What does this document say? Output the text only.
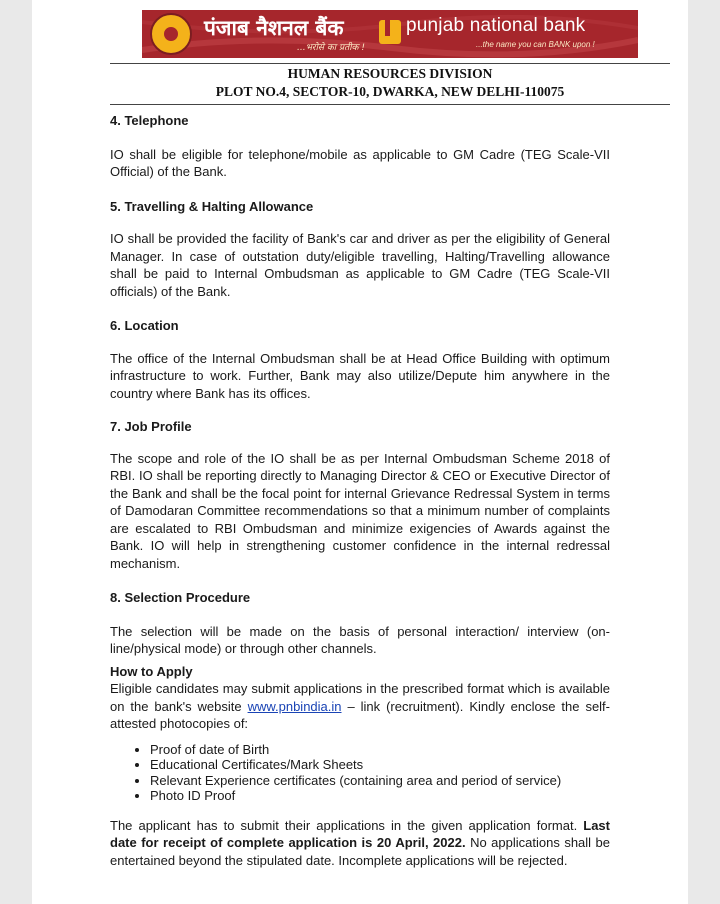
पंजाब नैशनल बैंक
...भरोसे का प्रतीक !
punjab national bank
...the name you can BANK upon !
HUMAN RESOURCES DIVISION
PLOT NO.4, SECTOR-10, DWARKA, NEW DELHI-110075
4. Telephone

IO shall be eligible for telephone/mobile as applicable to GM Cadre (TEG Scale-VII Official) of the Bank.

5. Travelling & Halting Allowance

IO shall be provided the facility of Bank's car and driver as per the eligibility of General Manager. In case of outstation duty/eligible travelling, Halting/Travelling allowance shall be paid to Internal Ombudsman as applicable to GM Cadre (TEG Scale-VII officials) of the Bank.

6. Location

The office of the Internal Ombudsman shall be at Head Office Building with optimum infrastructure to work. Further, Bank may also utilize/Depute him anywhere in the country where Bank has its offices.

7. Job Profile

The scope and role of the IO shall be as per Internal Ombudsman Scheme 2018 of RBI. IO shall be reporting directly to Managing Director & CEO or Executive Director of the Bank and shall be the focal point for internal Grievance Redressal System in terms of Damodaran Committee recommendations so that a minimum number of complaints are escalated to RBI Ombudsman and minimize exigencies of Awards against the Bank. IO will help in strengthening customer confidence in the internal redressal mechanism.

8. Selection Procedure

The selection will be made on the basis of personal interaction/ interview (on-line/physical mode) or through other channels.

How to Apply

Eligible candidates may submit applications in the prescribed format which is available on the bank's website www.pnbindia.in – link (recruitment). Kindly enclose the self-attested photocopies of:

• Proof of date of Birth
• Educational Certificates/Mark Sheets
• Relevant Experience certificates (containing area and period of service)
• Photo ID Proof

The applicant has to submit their applications in the given application format. Last date for receipt of complete application is 20 April, 2022. No applications shall be entertained beyond the stipulated date. Incomplete applications will be rejected.
